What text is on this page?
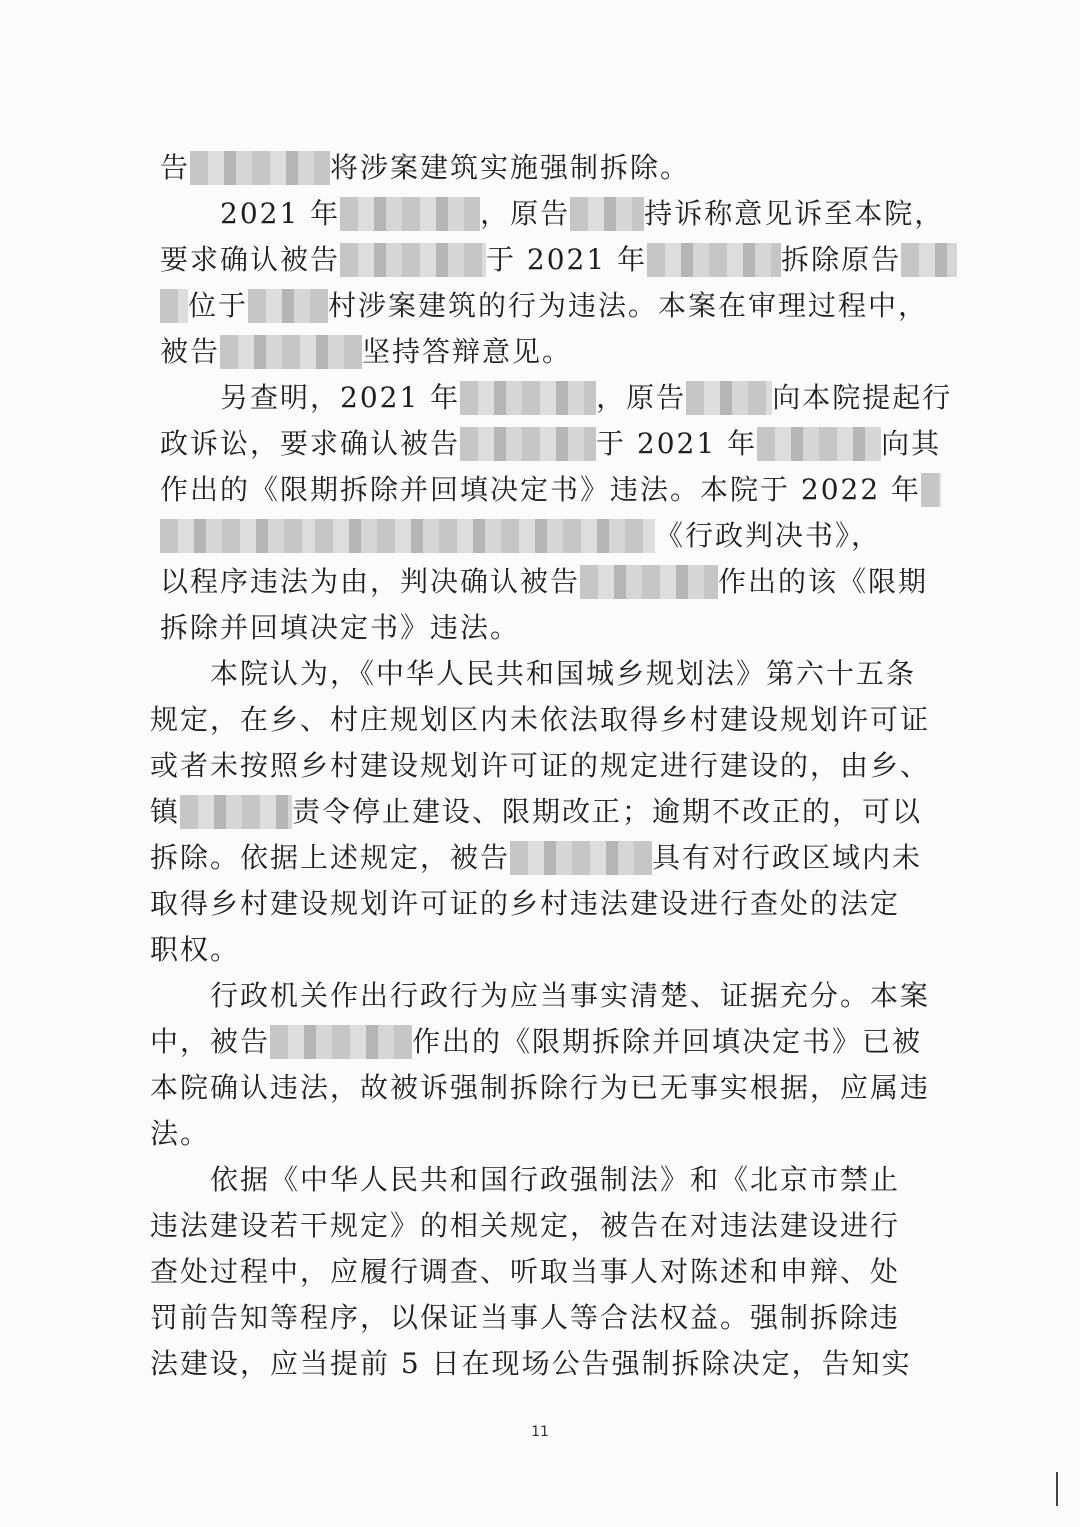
告	将涉案建筑实施强制拆除。
2021 年	，原告	持诉称意见诉至本院，
要求确认被告	于 2021 年	拆除原告
位于	村涉案建筑的行为违法。本案在审理过程中，
被告	坚持答辩意见。
另查明，2021 年	，原告	向本院提起行
政诉讼，要求确认被告	于 2021 年	向其
作出的《限期拆除并回填决定书》违法。本院于 2022 年
《行政判决书》，
以程序违法为由，判决确认被告	作出的该《限期
拆除并回填决定书》违法。
本院认为，《中华人民共和国城乡规划法》第六十五条
规定，在乡、村庄规划区内未依法取得乡村建设规划许可证
或者未按照乡村建设规划许可证的规定进行建设的，由乡、
镇	责令停止建设、限期改正；逾期不改正的，可以
拆除。依据上述规定，被告	具有对行政区域内未
取得乡村建设规划许可证的乡村违法建设进行查处的法定
职权。
行政机关作出行政行为应当事实清楚、证据充分。本案
中，被告	作出的《限期拆除并回填决定书》已被
本院确认违法，故被诉强制拆除行为已无事实根据，应属违
法。
依据《中华人民共和国行政强制法》和《北京市禁止
违法建设若干规定》的相关规定，被告在对违法建设进行
查处过程中，应履行调查、听取当事人对陈述和申辩、处
罚前告知等程序，以保证当事人等合法权益。强制拆除违
法建设，应当提前 5 日在现场公告强制拆除决定，告知实
11
